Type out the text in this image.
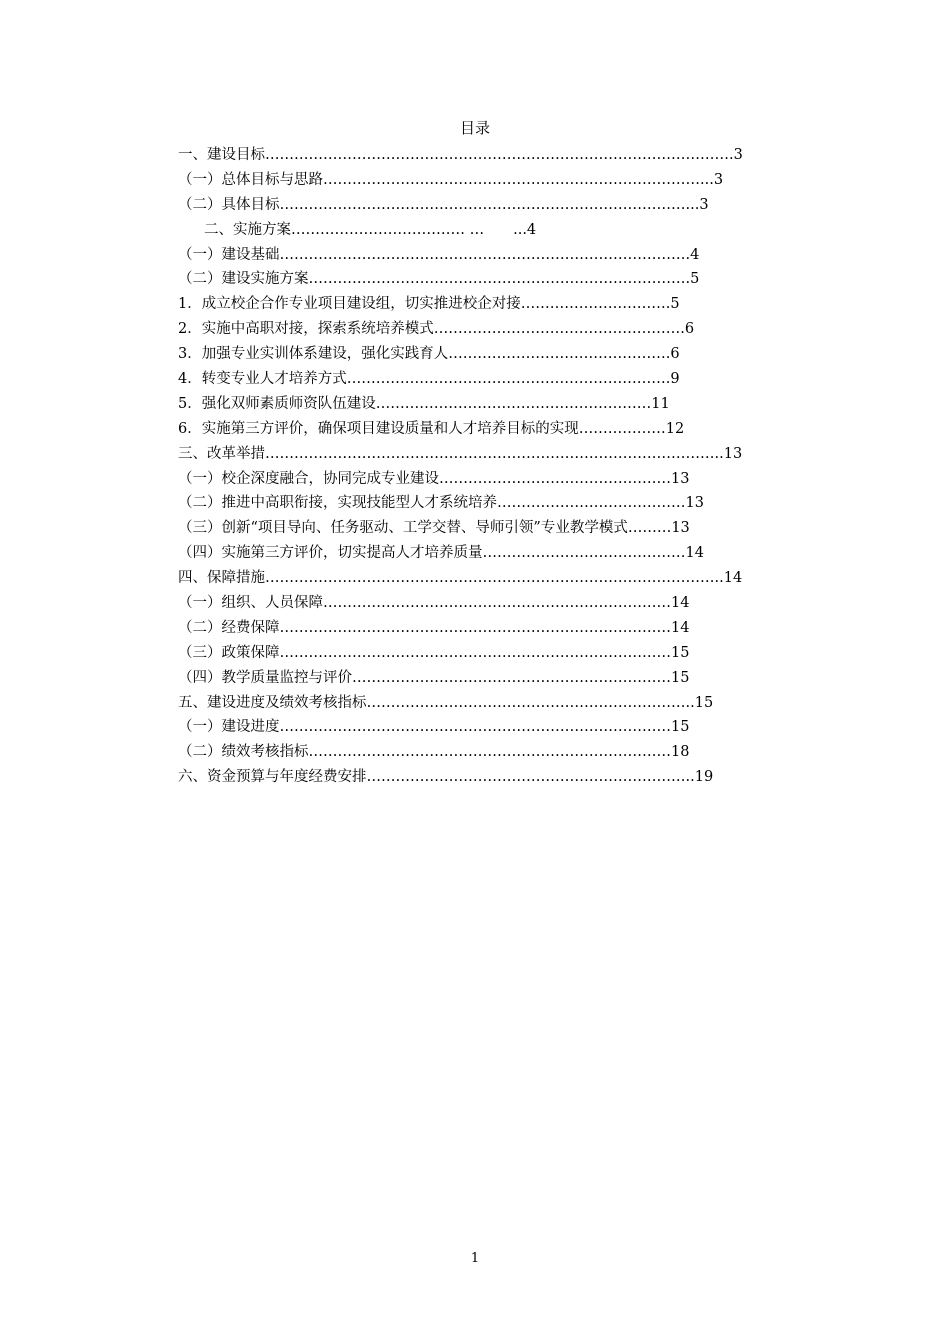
目录
一、建设目标…………………………………………………………………………………….3
（一）总体目标与思路……………………………………………………………………...3
（二）具体目标…………………………………………………………………………...3
二、实施方案……………………………… …　　...4
（一）建设基础………………………………………………………………………….4
（二）建设实施方案…………………………………………………………………….5
1．成立校企合作专业项目建设组，切实推进校企对接………………………….5
2．实施中高职对接，探索系统培养模式…………………………………………….6
3．加强专业实训体系建设，强化实践育人……………………………………….6
4．转变专业人才培养方式………………………………………………………….9
5．强化双师素质师资队伍建设…………………………………………………11
6．实施第三方评价，确保项目建设质量和人才培养目标的实现………………12
三、改革举措…………………………………………………………………………………..13
（一）校企深度融合，协同完成专业建设…………………………………………13
（二）推进中高职衔接，实现技能型人才系统培养…………………………………13
（三）创新“项目导向、任务驱动、工学交替、导师引领”专业教学模式………13
（四）实施第三方评价，切实提高人才培养质量……………………………………14
四、保障措施…………………………………………………………………………………..14
（一）组织、人员保障………………………………………………………………14
（二）经费保障………………………………………………………………………14
（三）政策保障………………………………………………………………………15
（四）教学质量监控与评价…………………………………………………………15
五、建设进度及绩效考核指标…………………………………………………………..15
（一）建设进度………………………………………………………………………15
（二）绩效考核指标…………………………………………………………………18
六、资金预算与年度经费安排…………………………………………………………..19
1
